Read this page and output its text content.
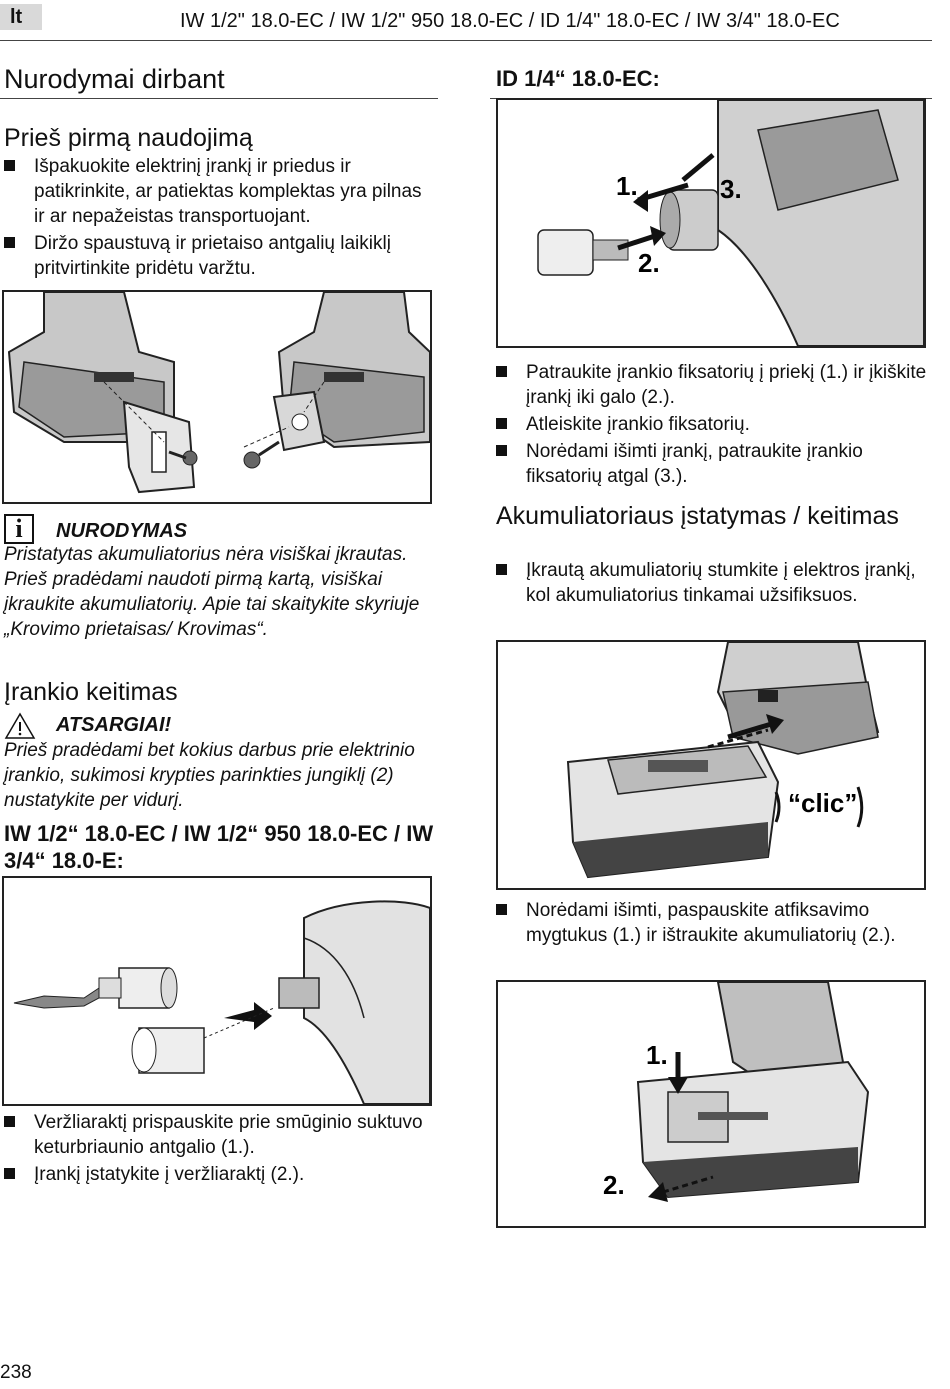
lt	IW 1/2" 18.0-EC / IW 1/2" 950 18.0-EC / ID 1/4" 18.0-EC / IW 3/4" 18.0-EC
Nurodymai dirbant
Prieš pirmą naudojimą
Išpakuokite elektrinį įrankį ir priedus ir patikrinkite, ar patiektas komplektas yra pilnas ir ar nepažeistas transportuojant.
Diržo spaustuvą ir prietaiso antgalių laikiklį pritvirtinkite pridėtu varžtu.
i	NURODYMAS
Pristatytas akumuliatorius nėra visiškai įkrautas. Prieš pradėdami naudoti pirmą kartą, visiškai įkraukite akumuliatorių. Apie tai skaitykite skyriuje „Krovimo prietaisas/ Krovimas“.
Įrankio keitimas
ATSARGIAI!
Prieš pradėdami bet kokius darbus prie elektrinio įrankio, sukimosi krypties parinkties jungiklį (2) nustatykite per vidurį.
IW 1/2“ 18.0-EC / IW 1/2“ 950 18.0-EC / IW 3/4“ 18.0-E:
Veržliaraktį prispauskite prie smūginio suktuvo keturbriaunio antgalio (1.).
Įrankį įstatykite į veržliaraktį (2.).
ID 1/4“ 18.0-EC:
1.
2.
3.
Patraukite įrankio fiksatorių į priekį (1.) ir įkiškite įrankį iki galo (2.).
Atleiskite įrankio fiksatorių.
Norėdami išimti įrankį, patraukite įrankio fiksatorių atgal (3.).
Akumuliatoriaus įstatymas / keitimas
Įkrautą akumuliatorių stumkite į elektros įrankį, kol akumuliatorius tinkamai užsifiksuos.
“clic”
Norėdami išimti, paspauskite atfiksavimo mygtukus (1.) ir ištraukite akumuliatorių (2.).
1.
2.
238
